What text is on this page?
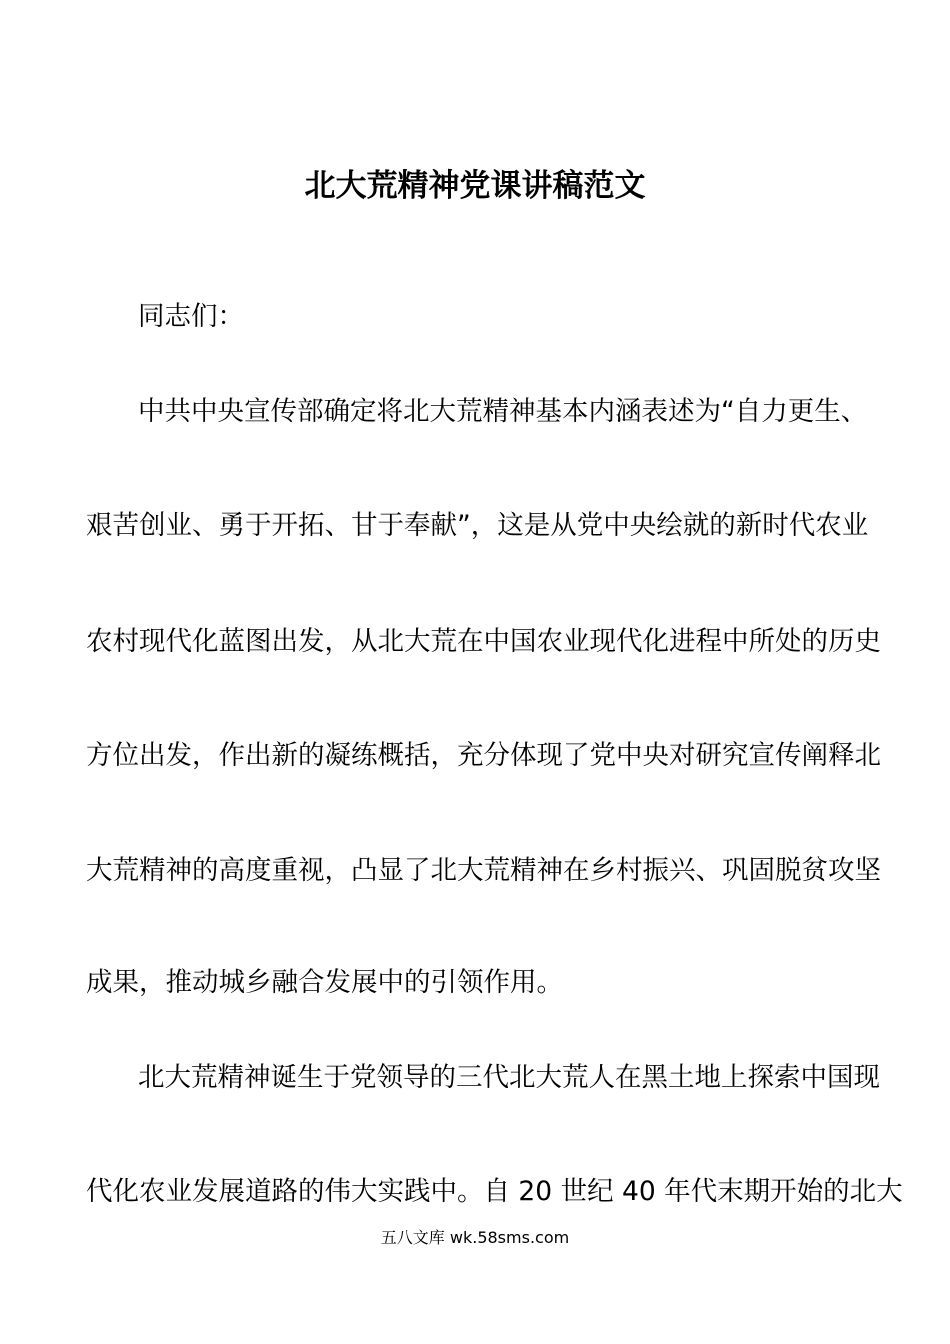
北大荒精神党课讲稿范文
同志们：
中共中央宣传部确定将北大荒精神基本内涵表述为“自力更生、
艰苦创业、勇于开拓、甘于奉献”，这是从党中央绘就的新时代农业
农村现代化蓝图出发，从北大荒在中国农业现代化进程中所处的历史
方位出发，作出新的凝练概括，充分体现了党中央对研究宣传阐释北
大荒精神的高度重视，凸显了北大荒精神在乡村振兴、巩固脱贫攻坚
成果，推动城乡融合发展中的引领作用。
北大荒精神诞生于党领导的三代北大荒人在黑土地上探索中国现
代化农业发展道路的伟大实践中。自 20 世纪 40 年代末期开始的北大
五八文库 wk.58sms.com
